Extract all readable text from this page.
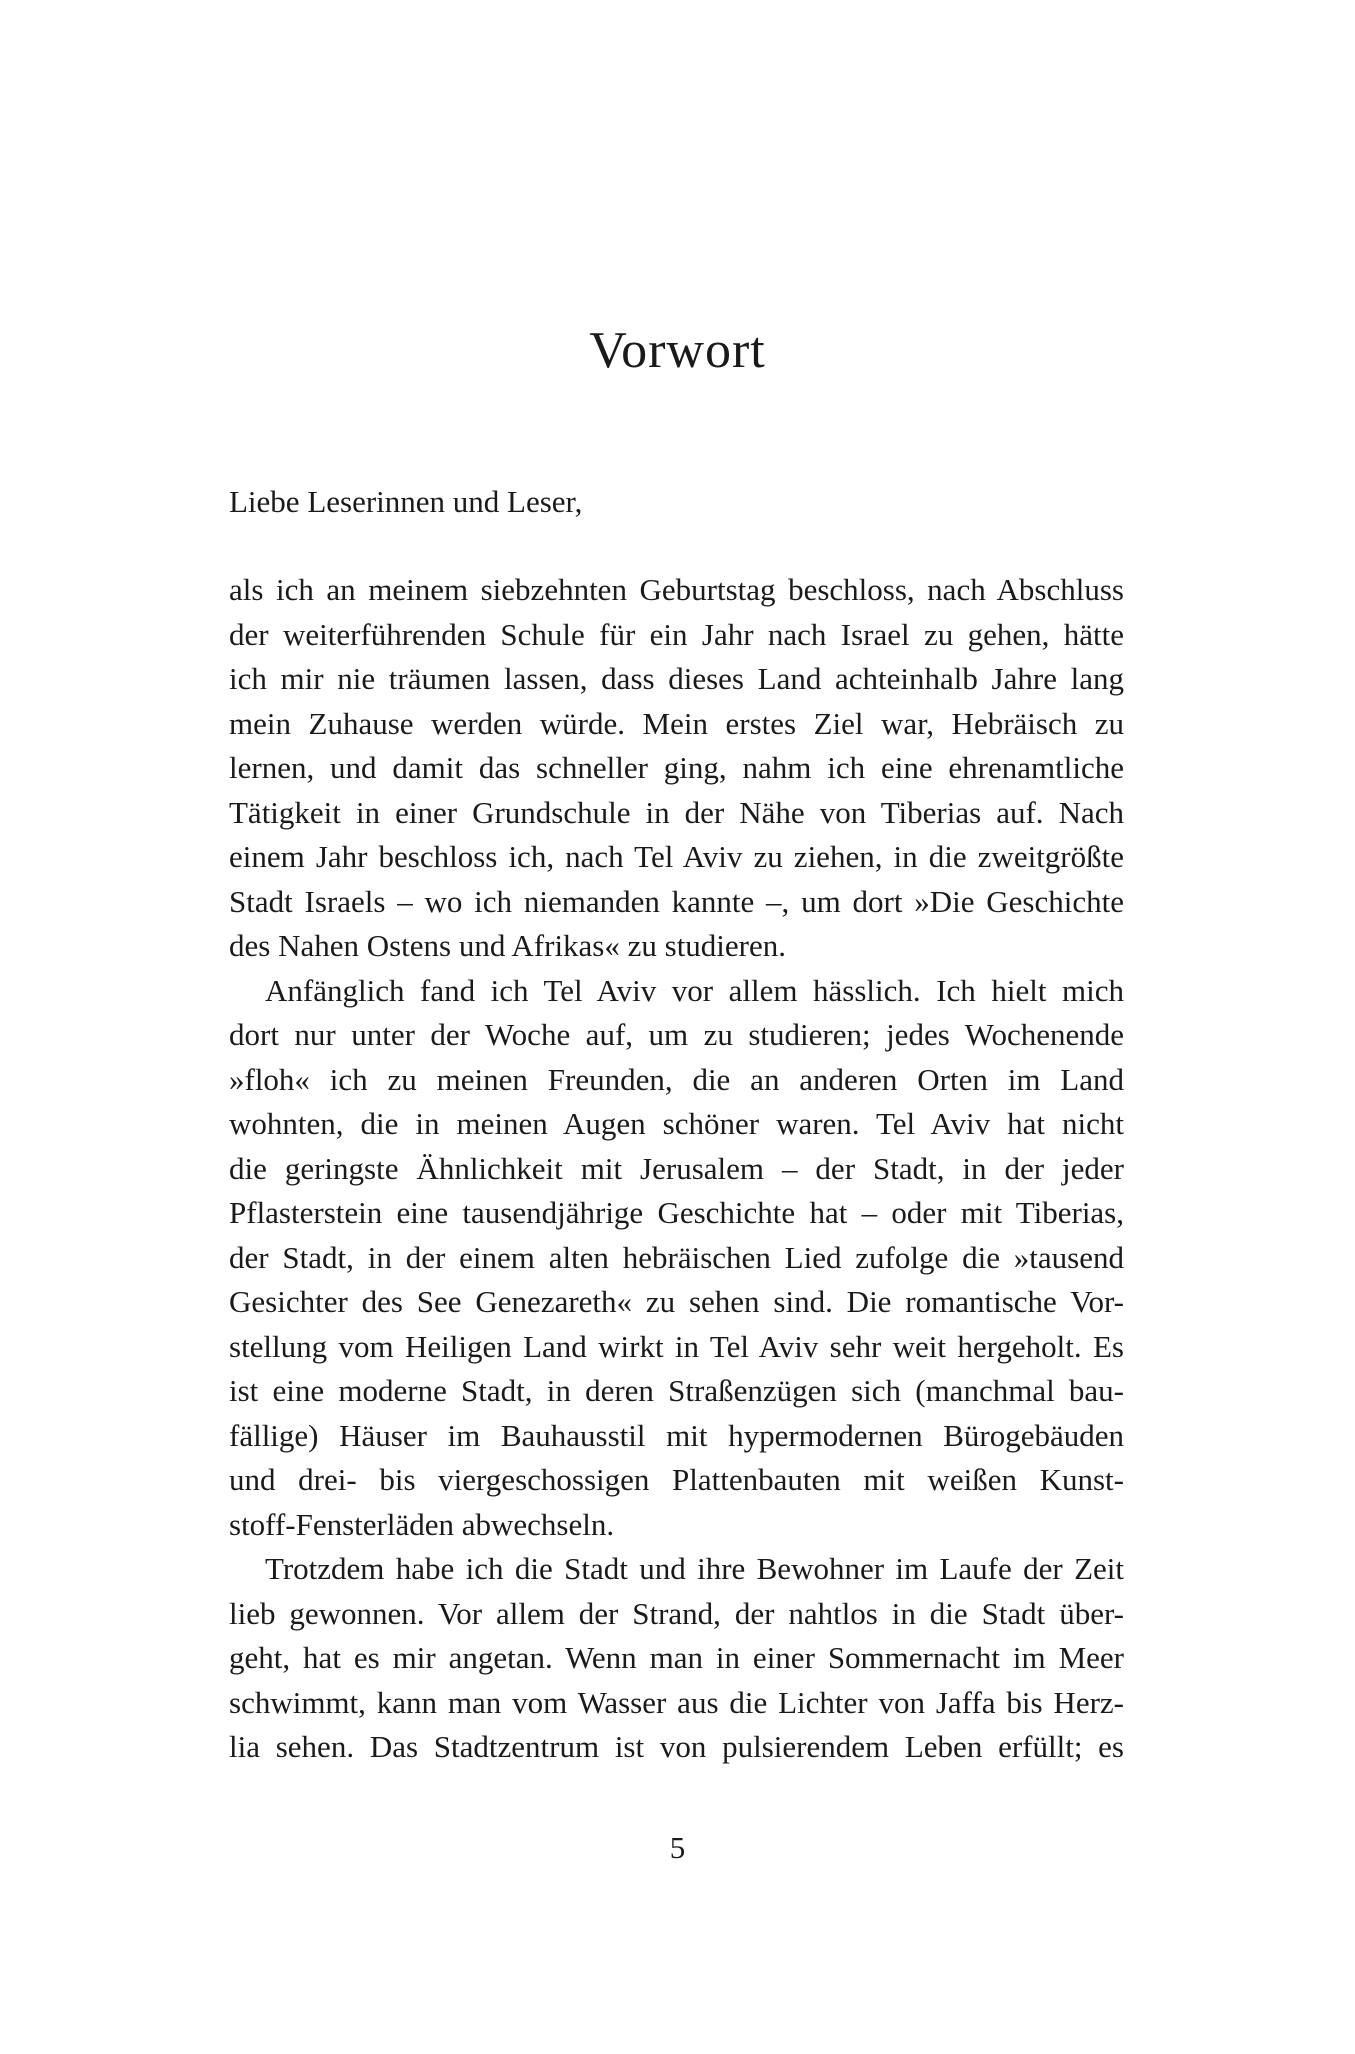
Vorwort

Liebe Leserinnen und Leser,

als ich an meinem siebzehnten Geburtstag beschloss, nach Abschluss
der weiterführenden Schule für ein Jahr nach Israel zu gehen, hätte
ich mir nie träumen lassen, dass dieses Land achteinhalb Jahre lang
mein Zuhause werden würde. Mein erstes Ziel war, Hebräisch zu
lernen, und damit das schneller ging, nahm ich eine ehrenamtliche
Tätigkeit in einer Grundschule in der Nähe von Tiberias auf. Nach
einem Jahr beschloss ich, nach Tel Aviv zu ziehen, in die zweitgrößte
Stadt Israels – wo ich niemanden kannte –, um dort »Die Geschichte
des Nahen Ostens und Afrikas« zu studieren.
Anfänglich fand ich Tel Aviv vor allem hässlich. Ich hielt mich
dort nur unter der Woche auf, um zu studieren; jedes Wochenende
»floh« ich zu meinen Freunden, die an anderen Orten im Land
wohnten, die in meinen Augen schöner waren. Tel Aviv hat nicht
die geringste Ähnlichkeit mit Jerusalem – der Stadt, in der jeder
Pflasterstein eine tausendjährige Geschichte hat – oder mit Tiberias,
der Stadt, in der einem alten hebräischen Lied zufolge die »tausend
Gesichter des See Genezareth« zu sehen sind. Die romantische Vor-
stellung vom Heiligen Land wirkt in Tel Aviv sehr weit hergeholt. Es
ist eine moderne Stadt, in deren Straßenzügen sich (manchmal bau-
fällige) Häuser im Bauhausstil mit hypermodernen Bürogebäuden
und drei- bis viergeschossigen Plattenbauten mit weißen Kunst-
stoff-Fensterläden abwechseln.
Trotzdem habe ich die Stadt und ihre Bewohner im Laufe der Zeit
lieb gewonnen. Vor allem der Strand, der nahtlos in die Stadt über-
geht, hat es mir angetan. Wenn man in einer Sommernacht im Meer
schwimmt, kann man vom Wasser aus die Lichter von Jaffa bis Herz-
lia sehen. Das Stadtzentrum ist von pulsierendem Leben erfüllt; es

5
